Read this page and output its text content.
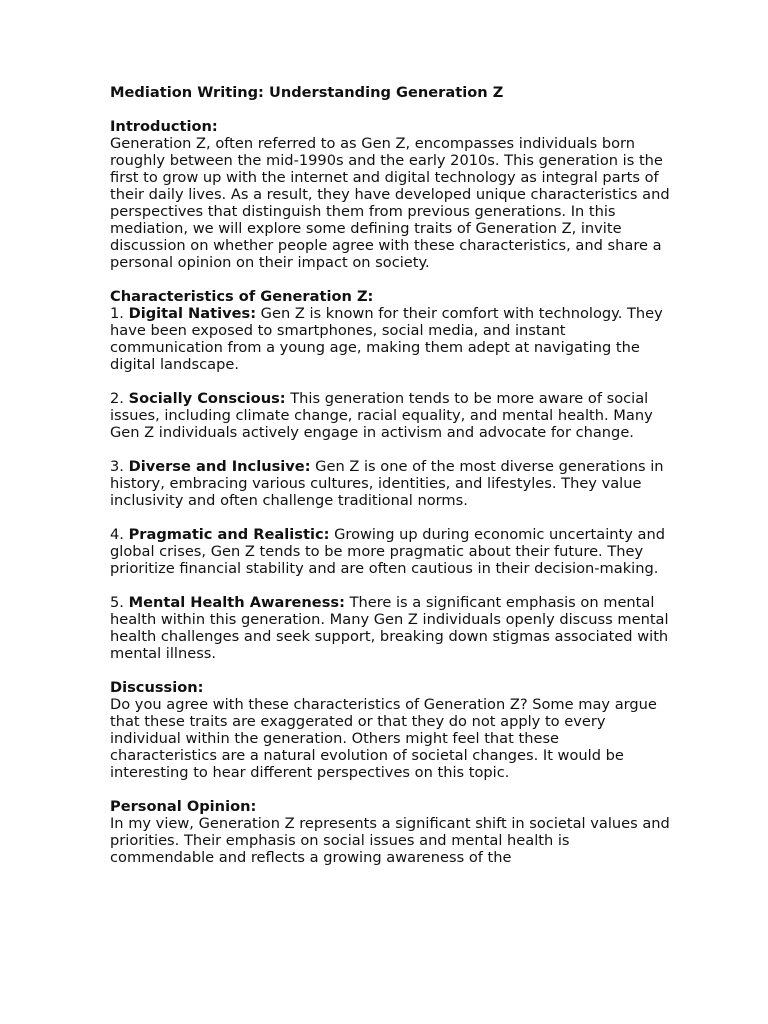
Mediation Writing: Understanding Generation Z
Introduction:

Generation Z, often referred to as Gen Z, encompasses individuals born roughly between the mid-1990s and the early 2010s. This generation is the first to grow up with the internet and digital technology as integral parts of their daily lives. As a result, they have developed unique characteristics and perspectives that distinguish them from previous generations. In this mediation, we will explore some defining traits of Generation Z, invite discussion on whether people agree with these characteristics, and share a personal opinion on their impact on society.

Characteristics of Generation Z:
1. Digital Natives: Gen Z is known for their comfort with technology. They have been exposed to smartphones, social media, and instant communication from a young age, making them adept at navigating the digital landscape.
2. Socially Conscious: This generation tends to be more aware of social issues, including climate change, racial equality, and mental health. Many Gen Z individuals actively engage in activism and advocate for change.
3. Diverse and Inclusive: Gen Z is one of the most diverse generations in history, embracing various cultures, identities, and lifestyles. They value inclusivity and often challenge traditional norms.
4. Pragmatic and Realistic: Growing up during economic uncertainty and global crises, Gen Z tends to be more pragmatic about their future. They prioritize financial stability and are often cautious in their decision-making.
5. Mental Health Awareness: There is a significant emphasis on mental health within this generation. Many Gen Z individuals openly discuss mental health challenges and seek support, breaking down stigmas associated with mental illness.
Discussion:

Do you agree with these characteristics of Generation Z? Some may argue that these traits are exaggerated or that they do not apply to every individual within the generation. Others might feel that these characteristics are a natural evolution of societal changes. It would be interesting to hear different perspectives on this topic.

Personal Opinion:

In my view, Generation Z represents a significant shift in societal values and priorities. Their emphasis on social issues and mental health is commendable and reflects a growing awareness of the
